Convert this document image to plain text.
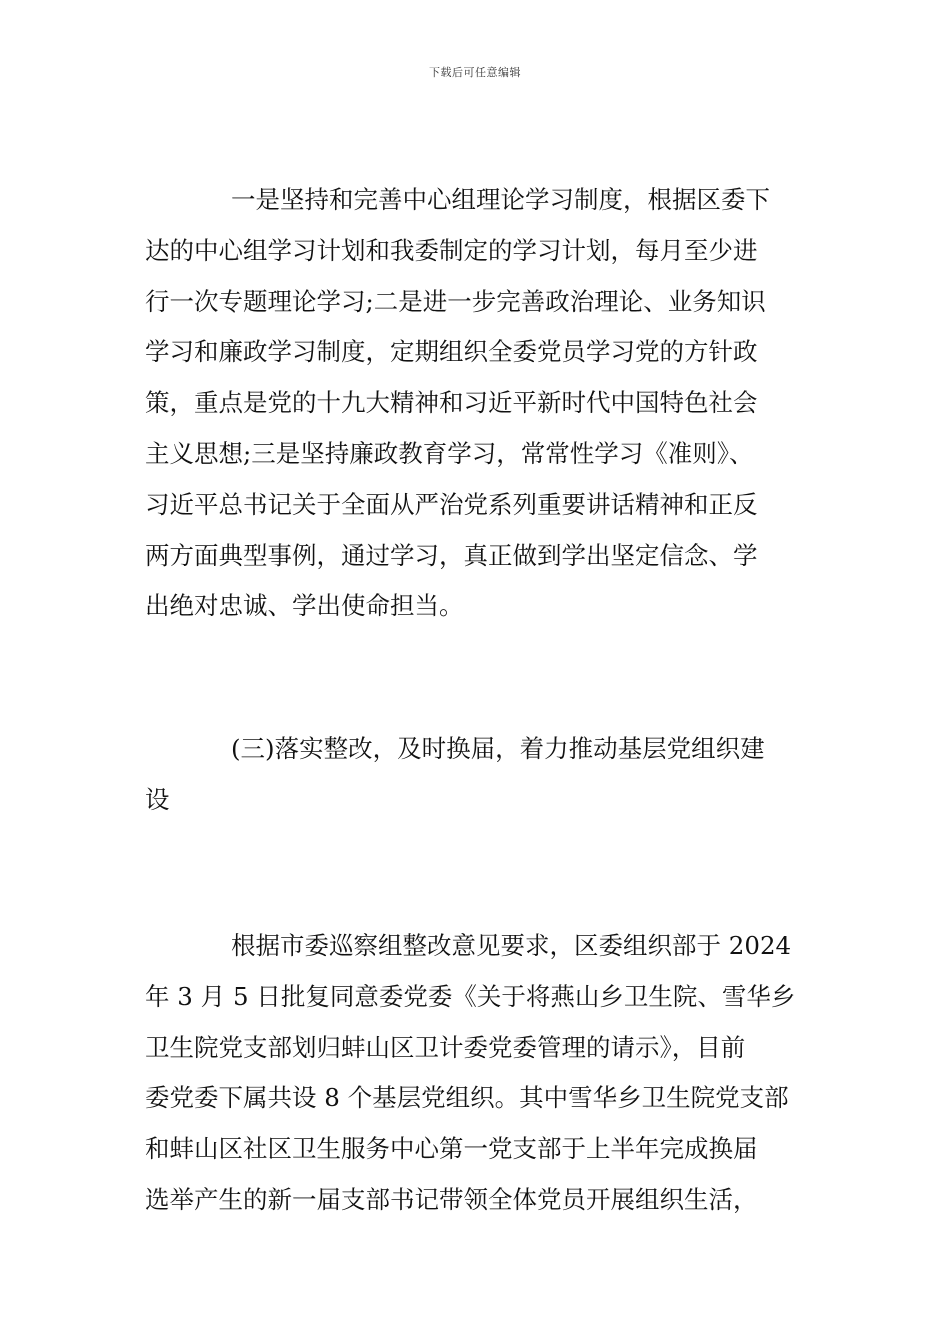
下载后可任意编辑
一是坚持和完善中心组理论学习制度，根据区委下
达的中心组学习计划和我委制定的学习计划，每月至少进
行一次专题理论学习;二是进一步完善政治理论、业务知识
学习和廉政学习制度，定期组织全委党员学习党的方针政
策，重点是党的十九大精神和习近平新时代中国特色社会
主义思想;三是坚持廉政教育学习，常常性学习《准则》、
习近平总书记关于全面从严治党系列重要讲话精神和正反
两方面典型事例，通过学习，真正做到学出坚定信念、学
出绝对忠诚、学出使命担当。
(三)落实整改，及时换届，着力推动基层党组织建
设
根据市委巡察组整改意见要求，区委组织部于 2024
年 3 月 5 日批复同意委党委《关于将燕山乡卫生院、雪华乡
卫生院党支部划归蚌山区卫计委党委管理的请示》，目前
委党委下属共设 8 个基层党组织。其中雪华乡卫生院党支部
和蚌山区社区卫生服务中心第一党支部于上半年完成换届
选举产生的新一届支部书记带领全体党员开展组织生活，
